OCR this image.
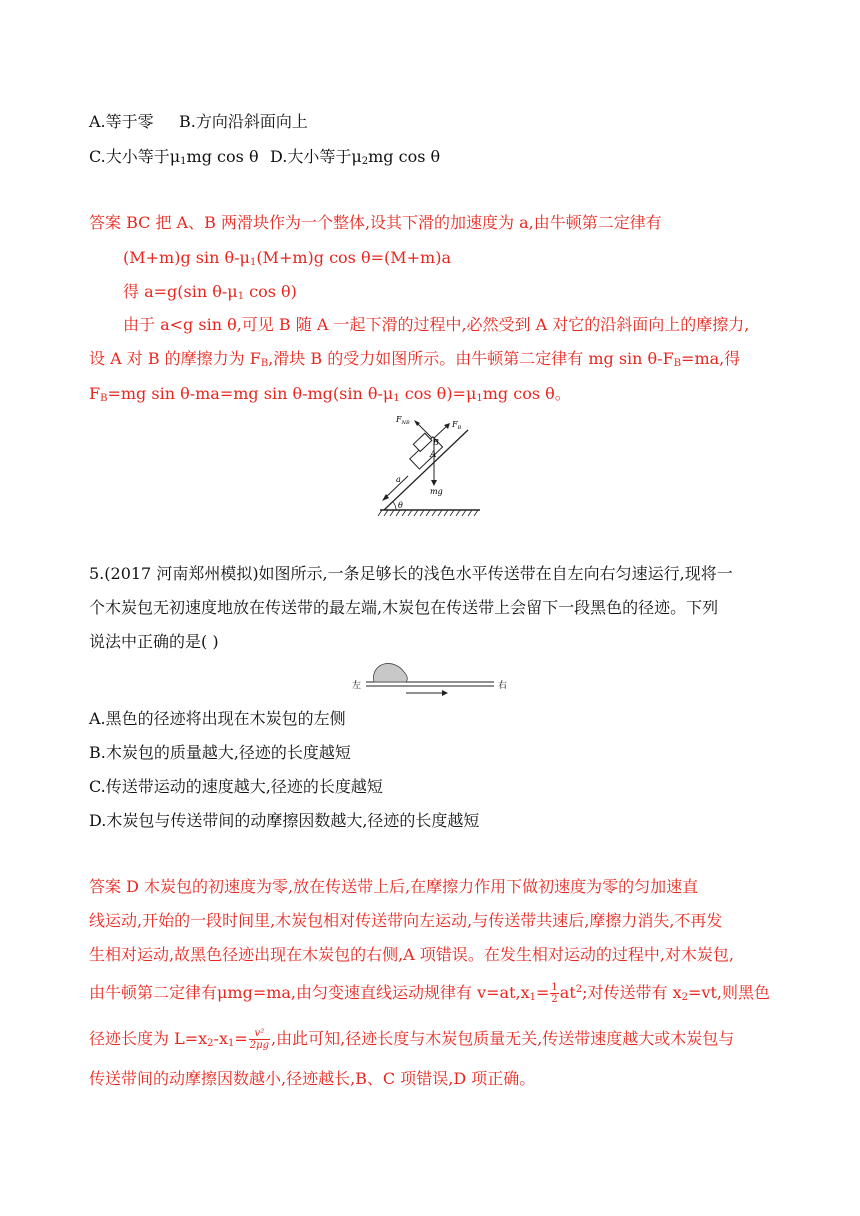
A.等于零 B.方向沿斜面向上
C.大小等于$\mu_1mg$ cos θ D.大小等于$\mu_2mg$ cos θ
答案 BC 把 A、B 两滑块作为一个整体,设其下滑的加速度为 a,由牛顿第二定律有
(M+m)g $\sin \theta-\mu_1(M+m)g$ cos θ=(M+m)a
得 a=g(sin $\theta-\mu_1$ cos θ)
由于 a<g sin θ,可见 B 随 A 一起下滑的过程中,必然受到 A 对它的沿斜面向上的摩擦力,
设 A 对 B 的摩擦力为 $F_B$,滑块 B 的受力如图所示。由牛顿第二定律有 mg $\sin \theta-F_B=ma$,得
$F_B=mg$ sin θ-ma=mg sin θ-mg(sin $\theta-\mu_1$ $\cos \theta)=\mu_1mg$ cos θ。
θ
A
B
mg
$F_{NB}$	$F_B$
a
5.(2017 河南郑州模拟)如图所示,一条足够长的浅色水平传送带在自左向右匀速运行,现将一
个木炭包无初速度地放在传送带的最左端,木炭包在传送带上会留下一段黑色的径迹。下列
说法中正确的是( )
左	右
A.黑色的径迹将出现在木炭包的左侧
B.木炭包的质量越大,径迹的长度越短
C.传送带运动的速度越大,径迹的长度越短
D.木炭包与传送带间的动摩擦因数越大,径迹的长度越短
答案 D 木炭包的初速度为零,放在传送带上后,在摩擦力作用下做初速度为零的匀加速直
线运动,开始的一段时间里,木炭包相对传送带向左运动,与传送带共速后,摩擦力消失,不再发
生相对运动,故黑色径迹出现在木炭包的右侧,A 项错误。在发生相对运动的过程中,对木炭包,
由牛顿第二定律有μmg=ma,由匀变速直线运动规律有 $v=at,x_1= \frac{1}{2} at^2$;对传送带有 $x_2=vt$,则黑色
径迹长度为 $L=x_2-x_1= \frac{\text{v²}}{2\mu g}$ ,由此可知,径迹长度与木炭包质量无关,传送带速度越大或木炭包与
传送带间的动摩擦因数越小,径迹越长,B、C 项错误,D 项正确。
